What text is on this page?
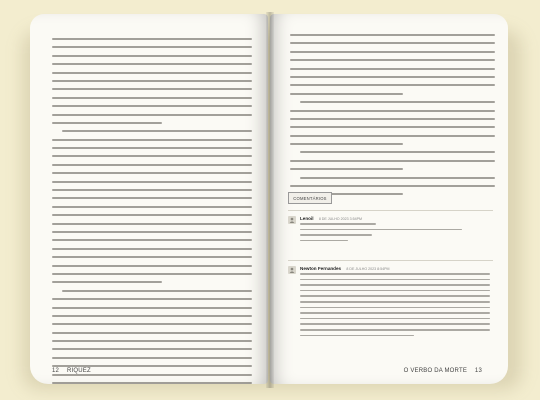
12 RIQUEZ
COMENTÁRIOS
Lenoil 8 DE JULHO 2023 3:54PM
Newton Fernandes 8 DE JULHO 2023 8:54PM
O VERBO DA MORTE 13
